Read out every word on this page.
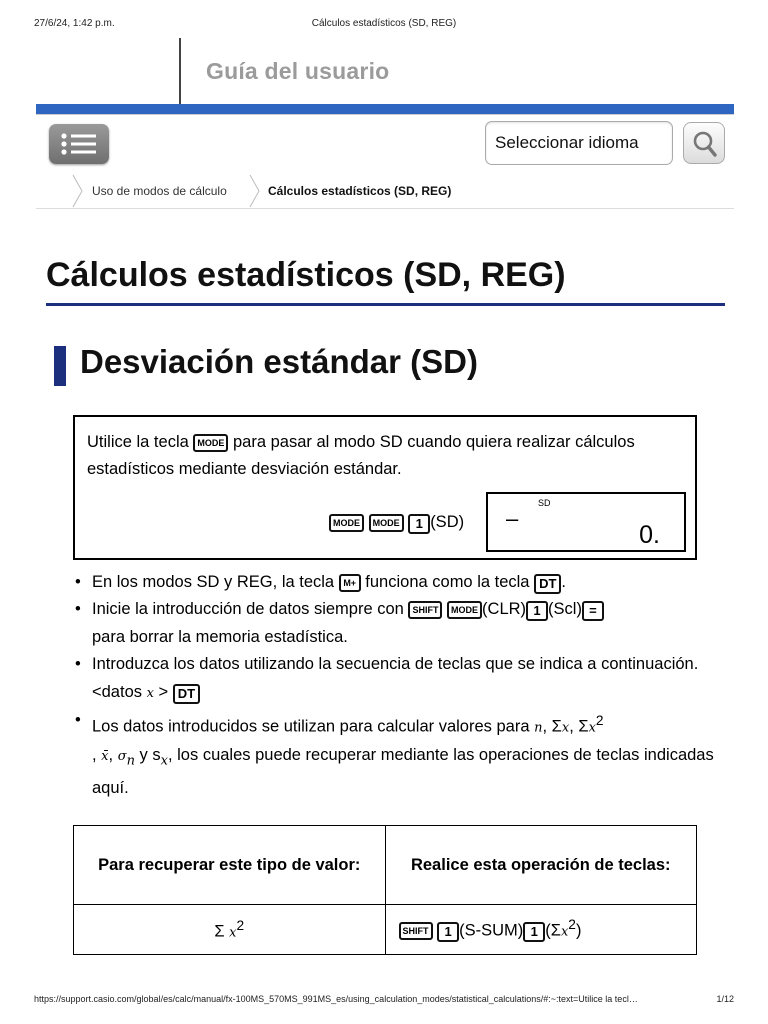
27/6/24, 1:42 p.m.	Cálculos estadísticos (SD, REG)
Guía del usuario
Seleccionar idioma
Uso de modos de cálculo	Cálculos estadísticos (SD, REG)
Cálculos estadísticos (SD, REG)
Desviación estándar (SD)
Utilice la tecla MODE para pasar al modo SD cuando quiera realizar cálculos estadísticos mediante desviación estándar.
MODE MODE 1 (SD)
SD
–
0.
• En los modos SD y REG, la tecla M+ funciona como la tecla DT .
• Inicie la introducción de datos siempre con SHIFT MODE (CLR) 1 (Scl) =
para borrar la memoria estadística.
• Introduzca los datos utilizando la secuencia de teclas que se indica a continuación.
<datos x > DT
• Los datos introducidos se utilizan para calcular valores para n, Σx, $\Sigma x^2$
, x̄, $\sigma_n$ y $s_x$, los cuales puede recuperar mediante las operaciones de teclas indicadas aquí.
Para recuperar este tipo de valor:	Realice esta operación de teclas:
Σ $x^2$	SHIFT 1 (S-SUM) 1 $(\Sigma x^2)$
https://support.casio.com/global/es/calc/manual/fx-100MS_570MS_991MS_es/using_calculation_modes/statistical_calculations/#:~:text=Utilice la tecl…	1/12
